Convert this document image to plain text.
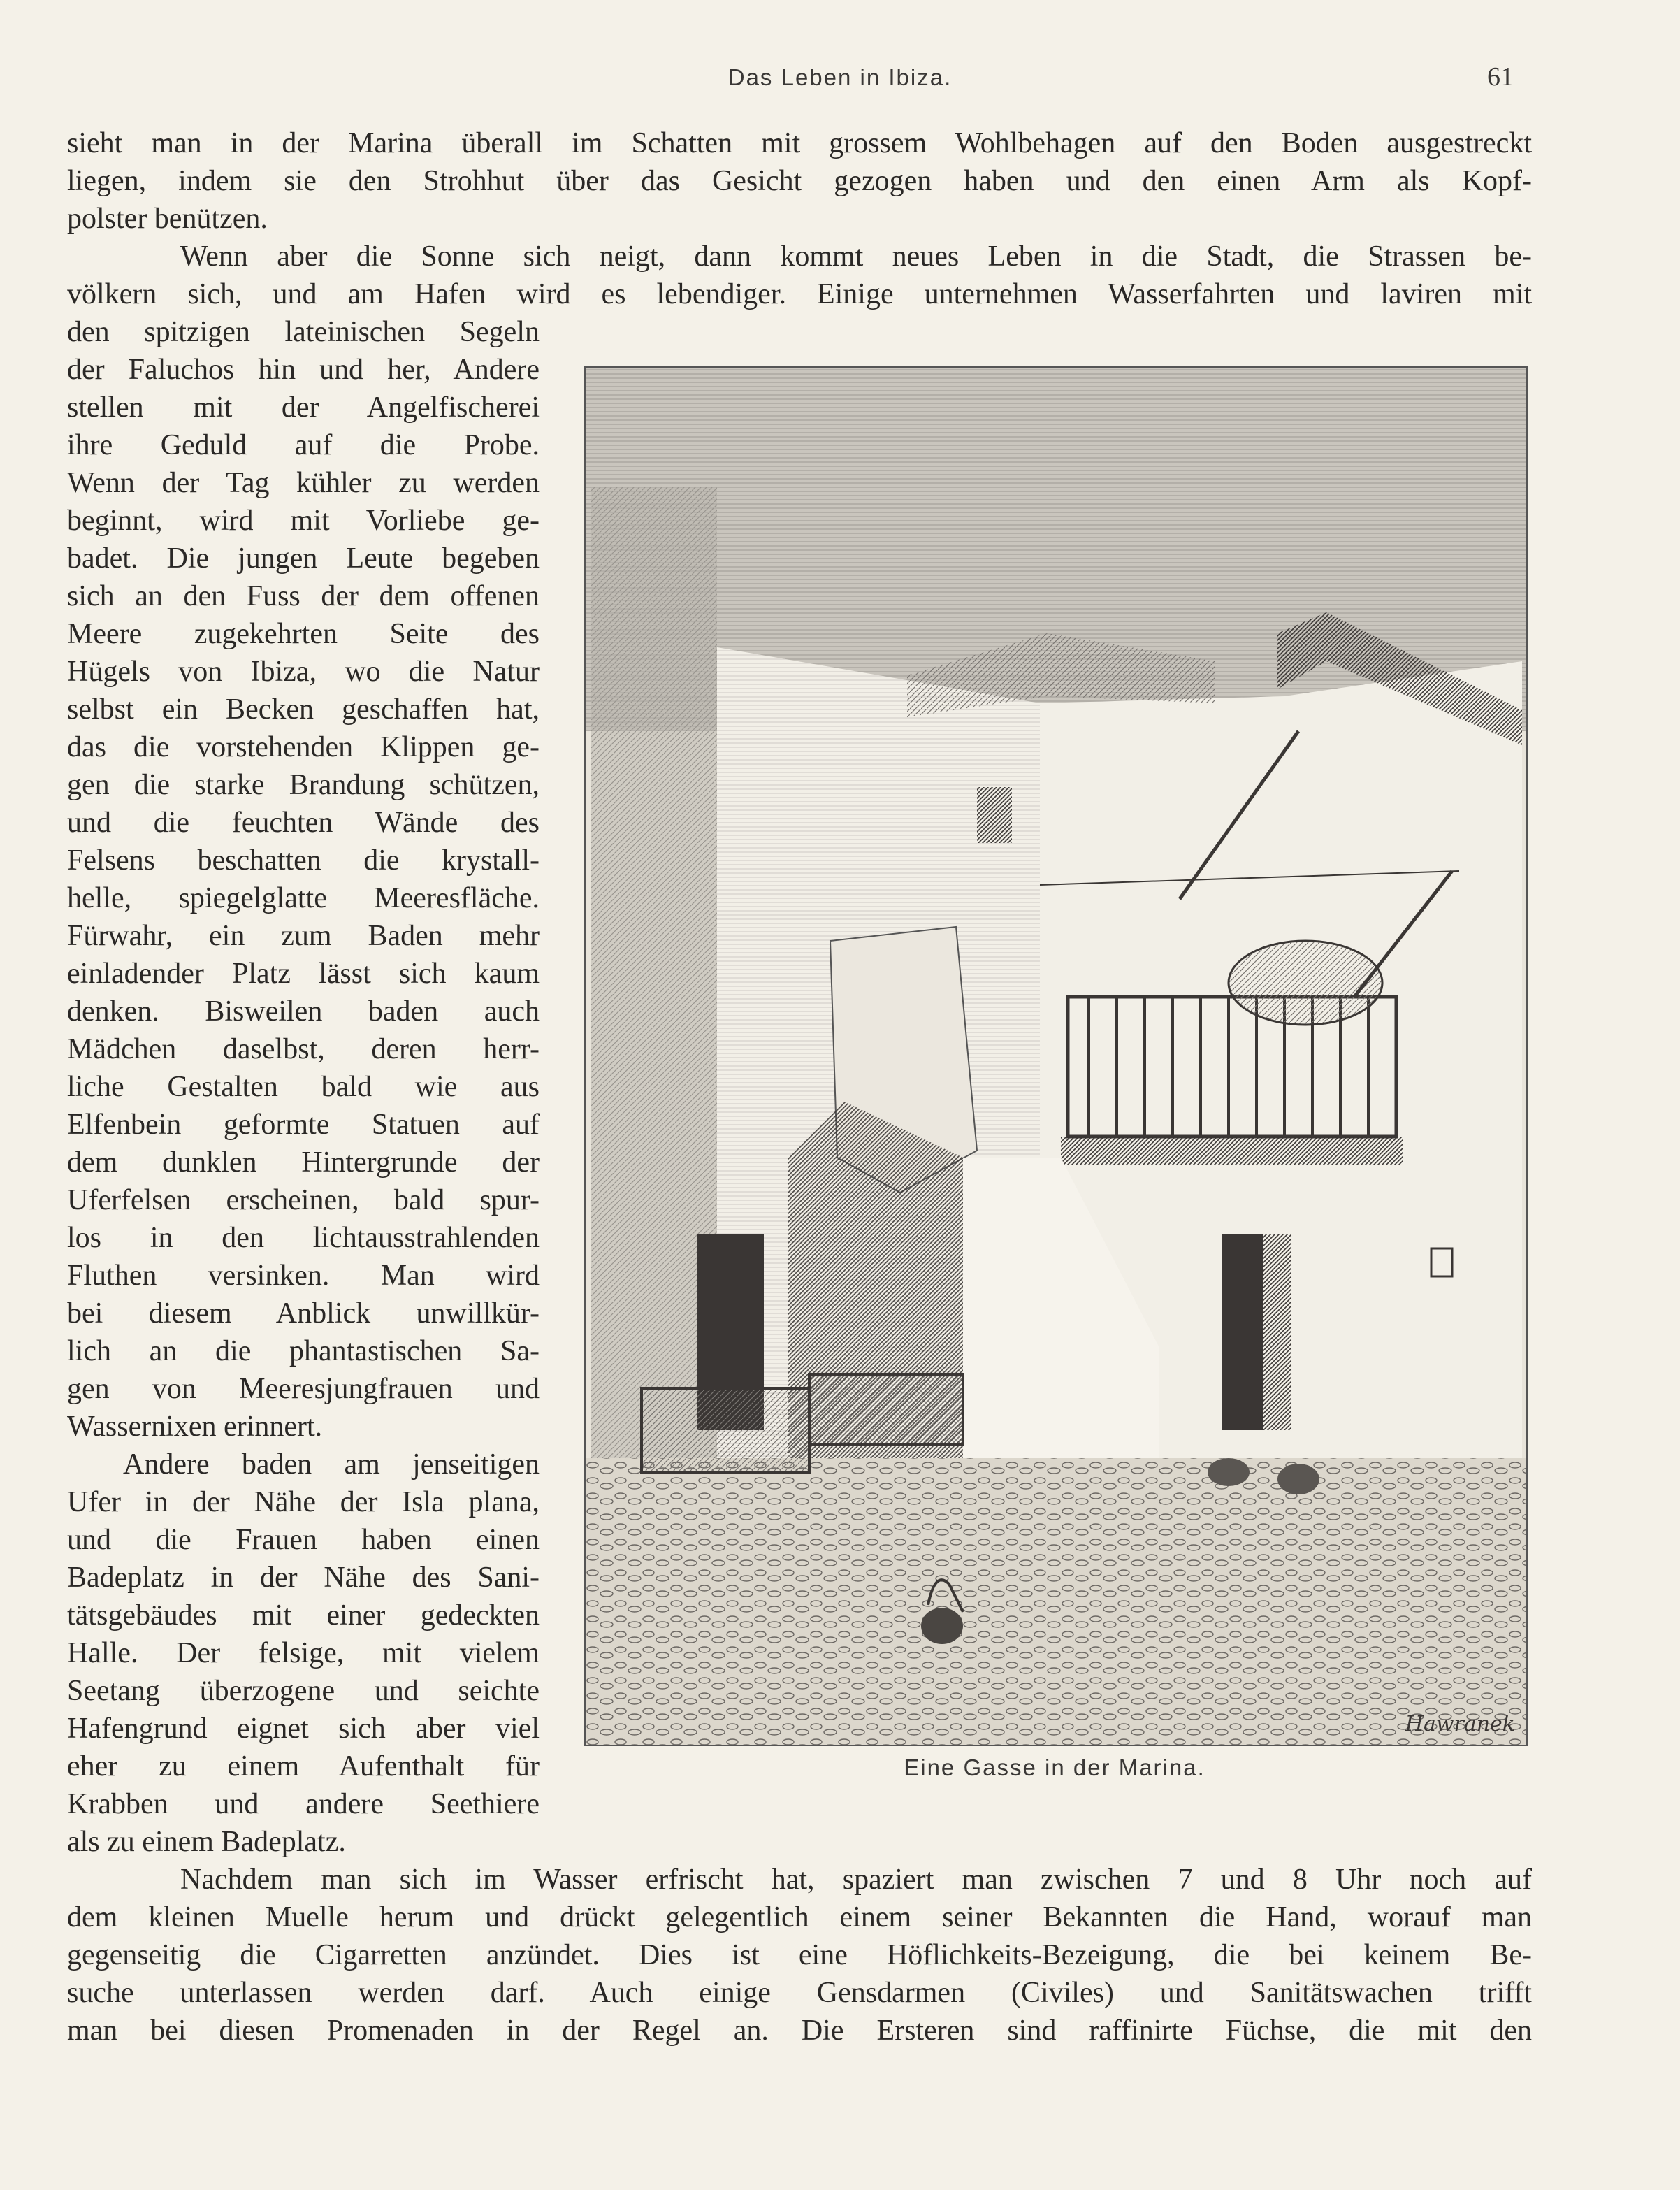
Das Leben in Ibiza.	61
sieht man in der Marina überall im Schatten mit grossem Wohlbehagen auf den Boden ausgestreckt
liegen, indem sie den Strohhut über das Gesicht gezogen haben und den einen Arm als Kopf-
polster benützen.
Wenn aber die Sonne sich neigt, dann kommt neues Leben in die Stadt, die Strassen be-
völkern sich, und am Hafen wird es lebendiger. Einige unternehmen Wasserfahrten und laviren mit
den spitzigen lateinischen Segeln
der Faluchos hin und her, Andere
stellen mit der Angelfischerei
ihre Geduld auf die Probe.
Wenn der Tag kühler zu werden
beginnt, wird mit Vorliebe ge-
badet. Die jungen Leute begeben
sich an den Fuss der dem offenen
Meere zugekehrten Seite des
Hügels von Ibiza, wo die Natur
selbst ein Becken geschaffen hat,
das die vorstehenden Klippen ge-
gen die starke Brandung schützen,
und die feuchten Wände des
Felsens beschatten die krystall-
helle, spiegelglatte Meeresfläche.
Fürwahr, ein zum Baden mehr
einladender Platz lässt sich kaum
denken. Bisweilen baden auch
Mädchen daselbst, deren herr-
liche Gestalten bald wie aus
Elfenbein geformte Statuen auf
dem dunklen Hintergrunde der
Uferfelsen erscheinen, bald spur-
los in den lichtausstrahlenden
Fluthen versinken. Man wird
bei diesem Anblick unwillkür-
lich an die phantastischen Sa-
gen von Meeresjungfrauen und
Wassernixen erinnert.
Andere baden am jenseitigen
Ufer in der Nähe der Isla plana,
und die Frauen haben einen
Badeplatz in der Nähe des Sani-
tätsgebäudes mit einer gedeckten
Halle. Der felsige, mit vielem
Seetang überzogene und seichte
Hafengrund eignet sich aber viel
eher zu einem Aufenthalt für
Krabben und andere Seethiere
als zu einem Badeplatz.
Nachdem man sich im Wasser erfrischt hat, spaziert man zwischen 7 und 8 Uhr noch auf
dem kleinen Muelle herum und drückt gelegentlich einem seiner Bekannten die Hand, worauf man
gegenseitig die Cigarretten anzündet. Dies ist eine Höflichkeits-Bezeigung, die bei keinem Be-
suche unterlassen werden darf. Auch einige Gensdarmen (Civiles) und Sanitätswachen trifft
man bei diesen Promenaden in der Regel an. Die Ersteren sind raffinirte Füchse, die mit den
Hawranek
Eine Gasse in der Marina.
